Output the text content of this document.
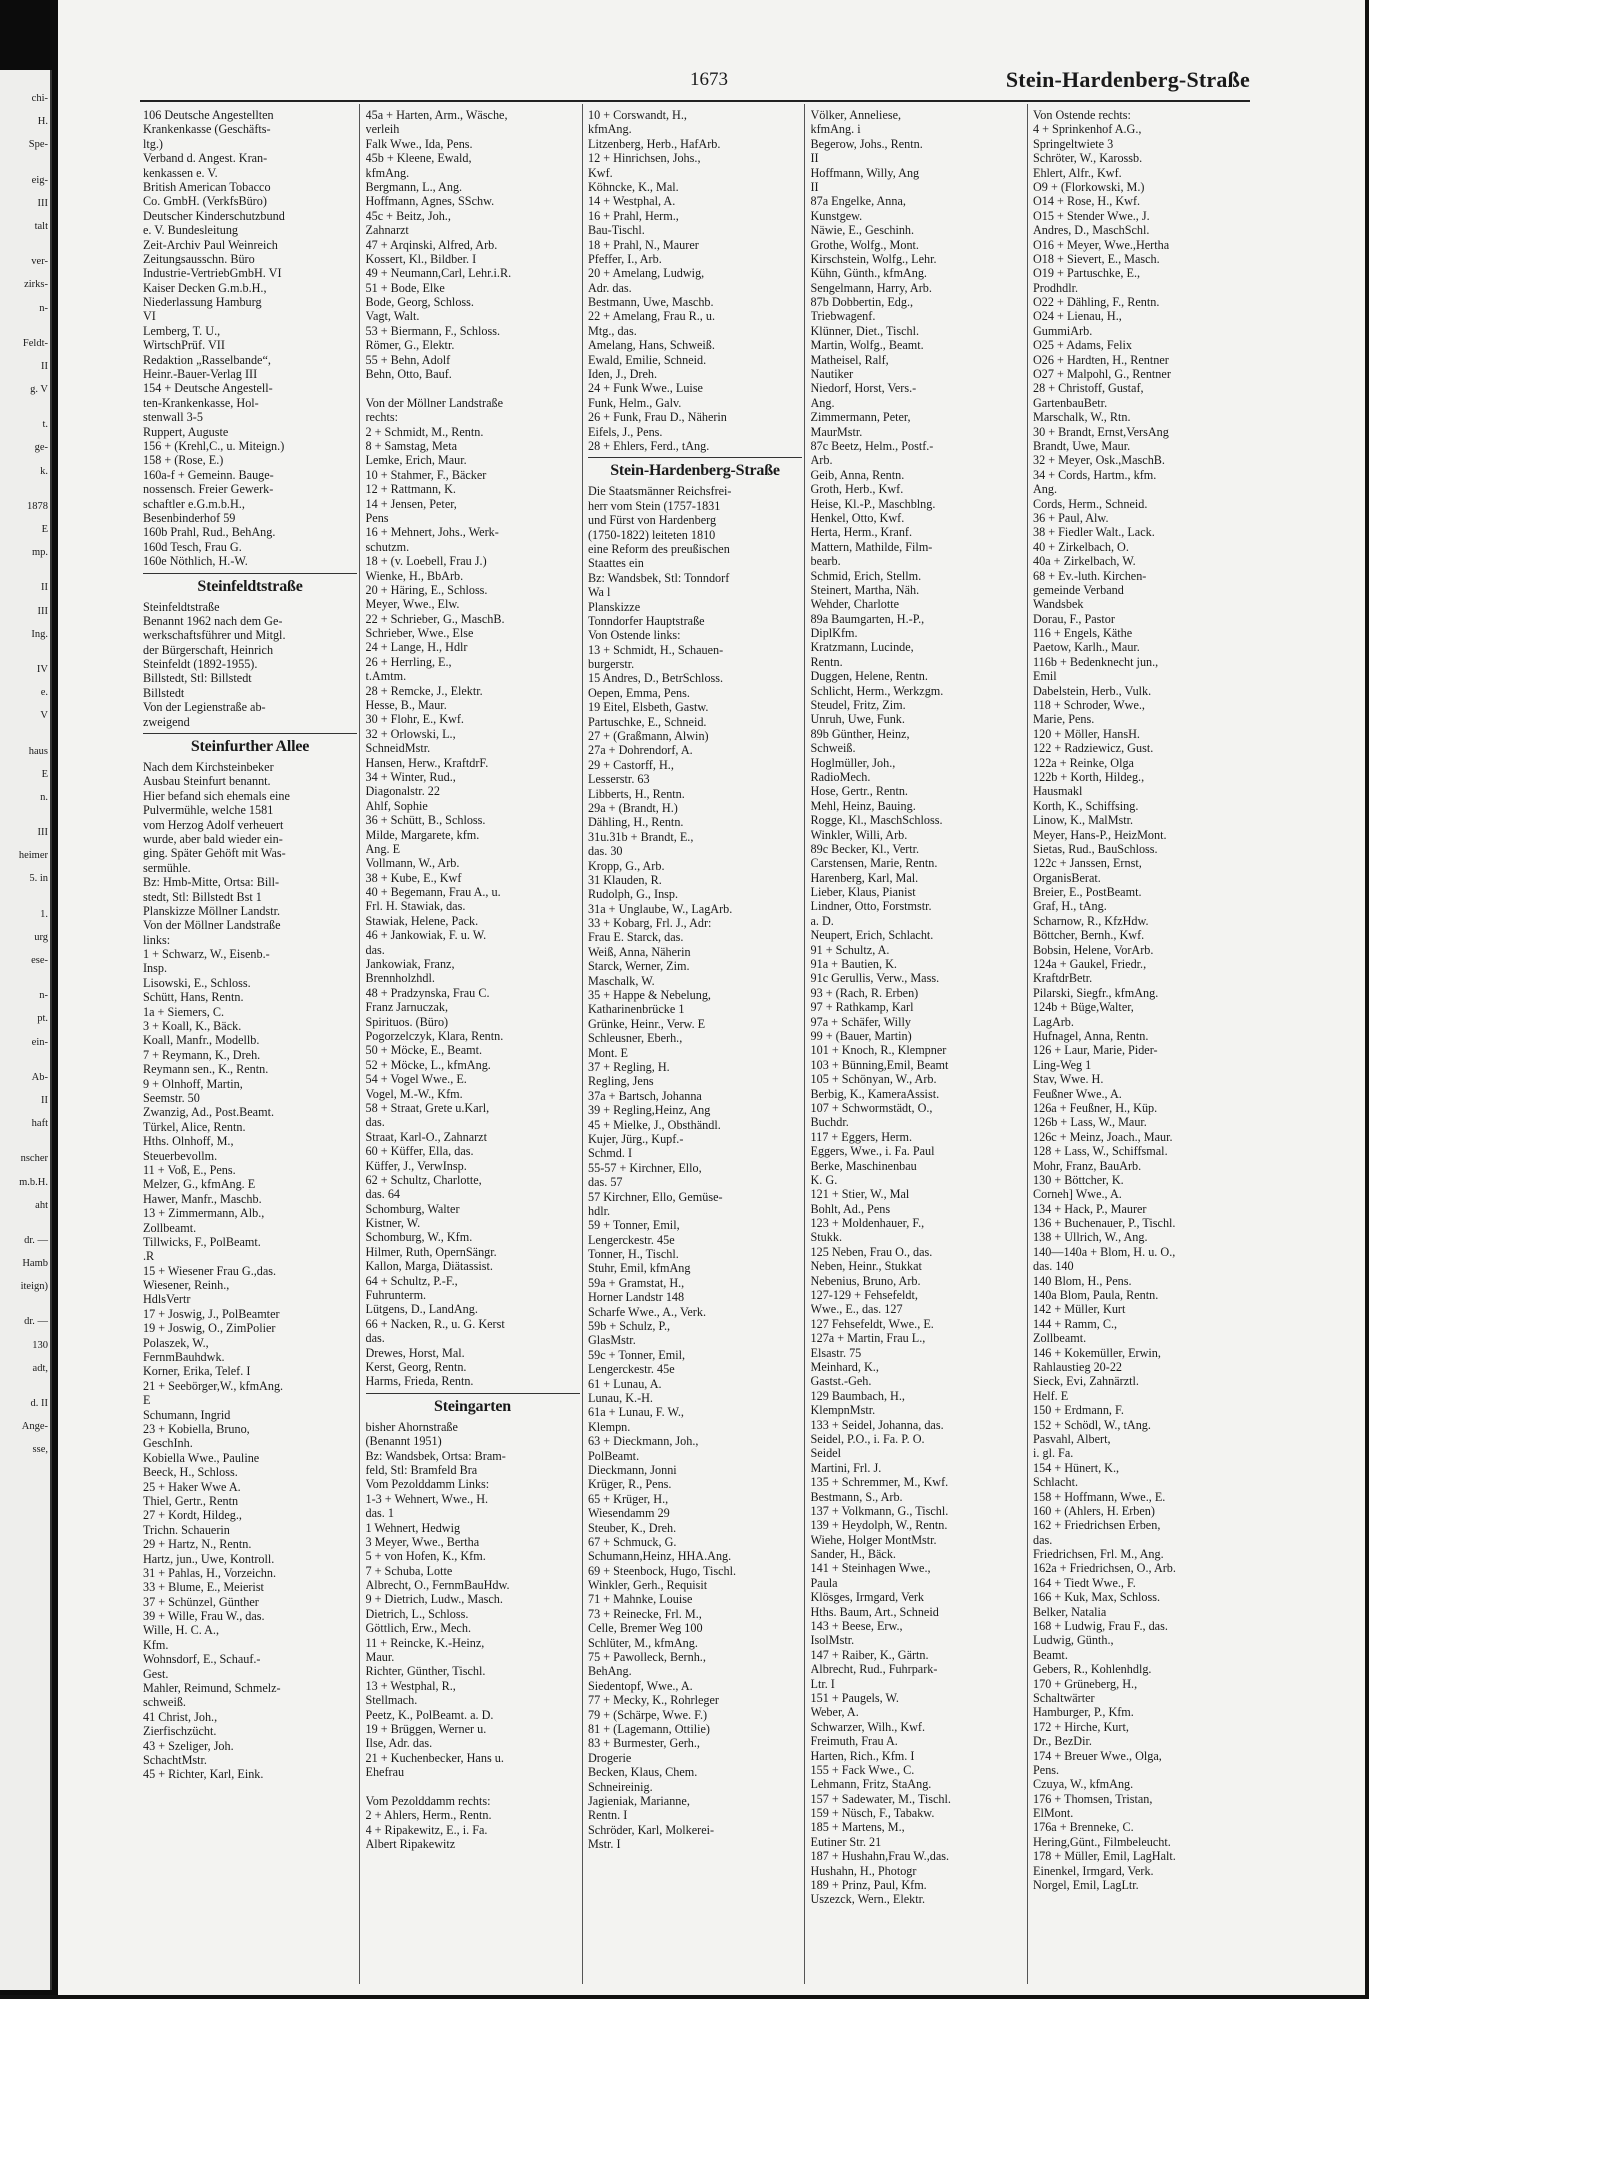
chi-
H.
Spe-
eig-
III
talt
ver-
zirks-
n-
Feldt-
II
g. V
t.
ge-
k.
1878
E
mp.
II
III
Ing.
IV
e.
V
haus
E
n.
III
heimer
5. in
1.
urg
ese-
n-
pt.
ein-
Ab-
II
haft
nscher
m.b.H.
aht
dr. —
Hamb
iteign)
dr. —
130
adt,
d. II
Ange-
sse,
1673	Stein-Hardenberg-Straße
106 Deutsche Angestellten
Krankenkasse (Geschäfts-
ltg.)
Verband d. Angest. Kran-
kenkassen e. V.
British American Tobacco
Co. GmbH. (VerkfsBüro)
Deutscher Kinderschutzbund
e. V. Bundesleitung
Zeit-Archiv Paul Weinreich
Zeitungsausschn. Büro
Industrie-VertriebGmbH. VI
Kaiser Decken G.m.b.H.,
Niederlassung Hamburg
VI
Lemberg, T. U.,
WirtschPrüf. VII
Redaktion „Rasselbande“,
Heinr.-Bauer-Verlag III
154 + Deutsche Angestell-
ten-Krankenkasse, Hol-
stenwall 3-5
Ruppert, Auguste
156 + (Krehl,C., u. Miteign.)
158 + (Rose, E.)
160a-f + Gemeinn. Bauge-
nossensch. Freier Gewerk-
schaftler e.G.m.b.H.,
Besenbinderhof 59
160b Prahl, Rud., BehAng.
160d Tesch, Frau G.
160e Nöthlich, H.-W.
Steinfeldtstraße
Steinfeldtstraße
Benannt 1962 nach dem Ge-
werkschaftsführer und Mitgl.
der Bürgerschaft, Heinrich
Steinfeldt (1892-1955).
Billstedt, Stl: Billstedt
Billstedt
Von der Legienstraße ab-
zweigend
Steinfurther Allee
Nach dem Kirchsteinbeker
Ausbau Steinfurt benannt.
Hier befand sich ehemals eine
Pulvermühle, welche 1581
vom Herzog Adolf verheuert
wurde, aber bald wieder ein-
ging. Später Gehöft mit Was-
sermühle.
Bz: Hmb-Mitte, Ortsa: Bill-
stedt, Stl: Billstedt Bst 1
Planskizze Möllner Landstr.
Von der Möllner Landstraße
links:
1 + Schwarz, W., Eisenb.-
Insp.
Lisowski, E., Schloss.
Schütt, Hans, Rentn.
1a + Siemers, C.
3 + Koall, K., Bäck.
Koall, Manfr., Modellb.
7 + Reymann, K., Dreh.
Reymann sen., K., Rentn.
9 + Olnhoff, Martin,
Seemstr. 50
Zwanzig, Ad., Post.Beamt.
Türkel, Alice, Rentn.
Hths. Olnhoff, M.,
Steuerbevollm.
11 + Voß, E., Pens.
Melzer, G., kfmAng. E
Hawer, Manfr., Maschb.
13 + Zimmermann, Alb.,
Zollbeamt.
Tillwicks, F., PolBeamt.
.R
15 + Wiesener Frau G.,das.
Wiesener, Reinh.,
HdlsVertr
17 + Joswig, J., PolBeamter
19 + Joswig, O., ZimPolier
Polaszek, W.,
FernmBauhdwk.
Korner, Erika, Telef. I
21 + Seebörger,W., kfmAng.
E
Schumann, Ingrid
23 + Kobiella, Bruno,
GeschInh.
Kobiella Wwe., Pauline
Beeck, H., Schloss.
25 + Haker Wwe A.
Thiel, Gertr., Rentn
27 + Kordt, Hildeg.,
Trichn. Schauerin
29 + Hartz, N., Rentn.
Hartz, jun., Uwe, Kontroll.
31 + Pahlas, H., Vorzeichn.
33 + Blume, E., Meierist
37 + Schünzel, Günther
39 + Wille, Frau W., das.
Wille, H. C. A.,
Kfm.
Wohnsdorf, E., Schauf.-
Gest.
Mahler, Reimund, Schmelz-
schweiß.
41 Christ, Joh.,
Zierfischzücht.
43 + Szeliger, Joh.
SchachtMstr.
45 + Richter, Karl, Eink.
45a + Harten, Arm., Wäsche,
verleih
Falk Wwe., Ida, Pens.
45b + Kleene, Ewald,
kfmAng.
Bergmann, L., Ang.
Hoffmann, Agnes, SSchw.
45c + Beitz, Joh.,
Zahnarzt
47 + Arqinski, Alfred, Arb.
Kossert, Kl., Bildber. I
49 + Neumann,Carl, Lehr.i.R.
51 + Bode, Elke
Bode, Georg, Schloss.
Vagt, Walt.
53 + Biermann, F., Schloss.
Römer, G., Elektr.
55 + Behn, Adolf
Behn, Otto, Bauf.
Von der Möllner Landstraße
rechts:
2 + Schmidt, M., Rentn.
8 + Samstag, Meta
Lemke, Erich, Maur.
10 + Stahmer, F., Bäcker
12 + Rattmann, K.
14 + Jensen, Peter,
Pens
16 + Mehnert, Johs., Werk-
schutzm.
18 + (v. Loebell, Frau J.)
Wienke, H., BbArb.
20 + Häring, E., Schloss.
Meyer, Wwe., Elw.
22 + Schrieber, G., MaschB.
Schrieber, Wwe., Else
24 + Lange, H., Hdlr
26 + Herrling, E.,
t.Amtm.
28 + Remcke, J., Elektr.
Hesse, B., Maur.
30 + Flohr, E., Kwf.
32 + Orlowski, L.,
SchneidMstr.
Hansen, Herw., KraftdrF.
34 + Winter, Rud.,
Diagonalstr. 22
Ahlf, Sophie
36 + Schütt, B., Schloss.
Milde, Margarete, kfm.
Ang. E
Vollmann, W., Arb.
38 + Kube, E., Kwf
40 + Begemann, Frau A., u.
Frl. H. Stawiak, das.
Stawiak, Helene, Pack.
46 + Jankowiak, F. u. W.
das.
Jankowiak, Franz,
Brennholzhdl.
48 + Pradzynska, Frau C.
Franz Jarnuczak,
Spirituos. (Büro)
Pogorzelczyk, Klara, Rentn.
50 + Möcke, E., Beamt.
52 + Möcke, L., kfmAng.
54 + Vogel Wwe., E.
Vogel, M.-W., Kfm.
58 + Straat, Grete u.Karl,
das.
Straat, Karl-O., Zahnarzt
60 + Küffer, Ella, das.
Küffer, J., VerwInsp.
62 + Schultz, Charlotte,
das. 64
Schomburg, Walter
Kistner, W.
Schomburg, W., Kfm.
Hilmer, Ruth, OpernSängr.
Kallon, Marga, Diätassist.
64 + Schultz, P.-F.,
Fuhrunterm.
Lütgens, D., LandAng.
66 + Nacken, R., u. G. Kerst
das.
Drewes, Horst, Mal.
Kerst, Georg, Rentn.
Harms, Frieda, Rentn.
Steingarten
bisher Ahornstraße
(Benannt 1951)
Bz: Wandsbek, Ortsa: Bram-
feld, Stl: Bramfeld Bra
Vom Pezolddamm Links:
1-3 + Wehnert, Wwe., H.
das. 1
1 Wehnert, Hedwig
3 Meyer, Wwe., Bertha
5 + von Hofen, K., Kfm.
7 + Schuba, Lotte
Albrecht, O., FernmBauHdw.
9 + Dietrich, Ludw., Masch.
Dietrich, L., Schloss.
Göttlich, Erw., Mech.
11 + Reincke, K.-Heinz,
Maur.
Richter, Günther, Tischl.
13 + Westphal, R.,
Stellmach.
Peetz, K., PolBeamt. a. D.
19 + Brüggen, Werner u.
Ilse, Adr. das.
21 + Kuchenbecker, Hans u.
Ehefrau
Vom Pezolddamm rechts:
2 + Ahlers, Herm., Rentn.
4 + Ripakewitz, E., i. Fa.
Albert Ripakewitz
10 + Corswandt, H.,
kfmAng.
Litzenberg, Herb., HafArb.
12 + Hinrichsen, Johs.,
Kwf.
Köhncke, K., Mal.
14 + Westphal, A.
16 + Prahl, Herm.,
Bau-Tischl.
18 + Prahl, N., Maurer
Pfeffer, I., Arb.
20 + Amelang, Ludwig,
Adr. das.
Bestmann, Uwe, Maschb.
22 + Amelang, Frau R., u.
Mtg., das.
Amelang, Hans, Schweiß.
Ewald, Emilie, Schneid.
Iden, J., Dreh.
24 + Funk Wwe., Luise
Funk, Helm., Galv.
26 + Funk, Frau D., Näherin
Eifels, J., Pens.
28 + Ehlers, Ferd., tAng.
Stein-Hardenberg-Straße
Die Staatsmänner Reichsfrei-
herr vom Stein (1757-1831
und Fürst von Hardenberg
(1750-1822) leiteten 1810
eine Reform des preußischen
Staattes ein
Bz: Wandsbek, Stl: Tonndorf
Wa l
Planskizze
Tonndorfer Hauptstraße
Von Ostende links:
13 + Schmidt, H., Schauen-
burgerstr.
15 Andres, D., BetrSchloss.
Oepen, Emma, Pens.
19 Eitel, Elsbeth, Gastw.
Partuschke, E., Schneid.
27 + (Graßmann, Alwin)
27a + Dohrendorf, A.
29 + Castorff, H.,
Lesserstr. 63
Libberts, H., Rentn.
29a + (Brandt, H.)
Dähling, H., Rentn.
31u.31b + Brandt, E.,
das. 30
Kropp, G., Arb.
31 Klauden, R.
Rudolph, G., Insp.
31a + Unglaube, W., LagArb.
33 + Kobarg, Frl. J., Adr:
Frau E. Starck, das.
Weiß, Anna, Näherin
Starck, Werner, Zim.
Maschalk, W.
35 + Happe & Nebelung,
Katharinenbrücke 1
Grünke, Heinr., Verw. E
Schleusner, Eberh.,
Mont. E
37 + Regling, H.
Regling, Jens
37a + Bartsch, Johanna
39 + Regling,Heinz, Ang
45 + Mielke, J., Obsthändl.
Kujer, Jürg., Kupf.-
Schmd. I
55-57 + Kirchner, Ello,
das. 57
57 Kirchner, Ello, Gemüse-
hdlr.
59 + Tonner, Emil,
Lengerckestr. 45e
Tonner, H., Tischl.
Stuhr, Emil, kfmAng
59a + Gramstat, H.,
Horner Landstr 148
Scharfe Wwe., A., Verk.
59b + Schulz, P.,
GlasMstr.
59c + Tonner, Emil,
Lengerckestr. 45e
61 + Lunau, A.
Lunau, K.-H.
61a + Lunau, F. W.,
Klempn.
63 + Dieckmann, Joh.,
PolBeamt.
Dieckmann, Jonni
Krüger, R., Pens.
65 + Krüger, H.,
Wiesendamm 29
Steuber, K., Dreh.
67 + Schmuck, G.
Schumann,Heinz, HHA.Ang.
69 + Steenbock, Hugo, Tischl.
Winkler, Gerh., Requisit
71 + Mahnke, Louise
73 + Reinecke, Frl. M.,
Celle, Bremer Weg 100
Schlüter, M., kfmAng.
75 + Pawolleck, Bernh.,
BehAng.
Siedentopf, Wwe., A.
77 + Mecky, K., Rohrleger
79 + (Schärpe, Wwe. F.)
81 + (Lagemann, Ottilie)
83 + Burmester, Gerh.,
Drogerie
Becken, Klaus, Chem.
Schneireinig.
Jagieniak, Marianne,
Rentn. I
Schröder, Karl, Molkerei-
Mstr. I
Völker, Anneliese,
kfmAng. i
Begerow, Johs., Rentn.
II
Hoffmann, Willy, Ang
II
87a Engelke, Anna,
Kunstgew.
Näwie, E., Geschinh.
Grothe, Wolfg., Mont.
Kirschstein, Wolfg., Lehr.
Kühn, Günth., kfmAng.
Sengelmann, Harry, Arb.
87b Dobbertin, Edg.,
Triebwagenf.
Klünner, Diet., Tischl.
Martin, Wolfg., Beamt.
Matheisel, Ralf,
Nautiker
Niedorf, Horst, Vers.-
Ang.
Zimmermann, Peter,
MaurMstr.
87c Beetz, Helm., Postf.-
Arb.
Geib, Anna, Rentn.
Groth, Herb., Kwf.
Heise, Kl.-P., Maschblng.
Henkel, Otto, Kwf.
Herta, Herm., Kranf.
Mattern, Mathilde, Film-
bearb.
Schmid, Erich, Stellm.
Steinert, Martha, Näh.
Wehder, Charlotte
89a Baumgarten, H.-P.,
DiplKfm.
Kratzmann, Lucinde,
Rentn.
Duggen, Helene, Rentn.
Schlicht, Herm., Werkzgm.
Steudel, Fritz, Zim.
Unruh, Uwe, Funk.
89b Günther, Heinz,
Schweiß.
Hoglmüller, Joh.,
RadioMech.
Hose, Gertr., Rentn.
Mehl, Heinz, Bauing.
Rogge, Kl., MaschSchloss.
Winkler, Willi, Arb.
89c Becker, Kl., Vertr.
Carstensen, Marie, Rentn.
Harenberg, Karl, Mal.
Lieber, Klaus, Pianist
Lindner, Otto, Forstmstr.
a. D.
Neupert, Erich, Schlacht.
91 + Schultz, A.
91a + Bautien, K.
91c Gerullis, Verw., Mass.
93 + (Rach, R. Erben)
97 + Rathkamp, Karl
97a + Schäfer, Willy
99 + (Bauer, Martin)
101 + Knoch, R., Klempner
103 + Bünning,Emil, Beamt
105 + Schönyan, W., Arb.
Berbig, K., KameraAssist.
107 + Schwormstädt, O.,
Buchdr.
117 + Eggers, Herm.
Eggers, Wwe., i. Fa. Paul
Berke, Maschinenbau
K. G.
121 + Stier, W., Mal
Bohlt, Ad., Pens
123 + Moldenhauer, F.,
Stukk.
125 Neben, Frau O., das.
Neben, Heinr., Stukkat
Nebenius, Bruno, Arb.
127-129 + Fehsefeldt,
Wwe., E., das. 127
127 Fehsefeldt, Wwe., E.
127a + Martin, Frau L.,
Elsastr. 75
Meinhard, K.,
Gastst.-Geh.
129 Baumbach, H.,
KlempnMstr.
133 + Seidel, Johanna, das.
Seidel, P.O., i. Fa. P. O.
Seidel
Martini, Frl. J.
135 + Schremmer, M., Kwf.
Bestmann, S., Arb.
137 + Volkmann, G., Tischl.
139 + Heydolph, W., Rentn.
Wiehe, Holger MontMstr.
Sander, H., Bäck.
141 + Steinhagen Wwe.,
Paula
Klösges, Irmgard, Verk
Hths. Baum, Art., Schneid
143 + Beese, Erw.,
IsolMstr.
147 + Raiber, K., Gärtn.
Albrecht, Rud., Fuhrpark-
Ltr. I
151 + Paugels, W.
Weber, A.
Schwarzer, Wilh., Kwf.
Freimuth, Frau A.
Harten, Rich., Kfm. I
155 + Fack Wwe., C.
Lehmann, Fritz, StaAng.
157 + Sadewater, M., Tischl.
159 + Nüsch, F., Tabakw.
185 + Martens, M.,
Eutiner Str. 21
187 + Hushahn,Frau W.,das.
Hushahn, H., Photogr
189 + Prinz, Paul, Kfm.
Uszezck, Wern., Elektr.
Von Ostende rechts:
4 + Sprinkenhof A.G.,
Springeltwiete 3
Schröter, W., Karossb.
Ehlert, Alfr., Kwf.
O9 + (Florkowski, M.)
O14 + Rose, H., Kwf.
O15 + Stender Wwe., J.
Andres, D., MaschSchl.
O16 + Meyer, Wwe.,Hertha
O18 + Sievert, E., Masch.
O19 + Partuschke, E.,
Prodhdlr.
O22 + Dähling, F., Rentn.
O24 + Lienau, H.,
GummiArb.
O25 + Adams, Felix
O26 + Hardten, H., Rentner
O27 + Malpohl, G., Rentner
28 + Christoff, Gustaf,
GartenbauBetr.
Marschalk, W., Rtn.
30 + Brandt, Ernst,VersAng
Brandt, Uwe, Maur.
32 + Meyer, Osk.,MaschB.
34 + Cords, Hartm., kfm.
Ang.
Cords, Herm., Schneid.
36 + Paul, Alw.
38 + Fiedler Walt., Lack.
40 + Zirkelbach, O.
40a + Zirkelbach, W.
68 + Ev.-luth. Kirchen-
gemeinde Verband
Wandsbek
Dorau, F., Pastor
116 + Engels, Käthe
Paetow, Karlh., Maur.
116b + Bedenknecht jun.,
Emil
Dabelstein, Herb., Vulk.
118 + Schroder, Wwe.,
Marie, Pens.
120 + Möller, HansH.
122 + Radziewicz, Gust.
122a + Reinke, Olga
122b + Korth, Hildeg.,
Hausmakl
Korth, K., Schiffsing.
Linow, K., MalMstr.
Meyer, Hans-P., HeizMont.
Sietas, Rud., BauSchloss.
122c + Janssen, Ernst,
OrganisBerat.
Breier, E., PostBeamt.
Graf, H., tAng.
Scharnow, R., KfzHdw.
Böttcher, Bernh., Kwf.
Bobsin, Helene, VorArb.
124a + Gaukel, Friedr.,
KraftdrBetr.
Pilarski, Siegfr., kfmAng.
124b + Büge,Walter,
LagArb.
Hufnagel, Anna, Rentn.
126 + Laur, Marie, Pider-
Ling-Weg 1
Stav, Wwe. H.
Feußner Wwe., A.
126a + Feußner, H., Küp.
126b + Lass, W., Maur.
126c + Meinz, Joach., Maur.
128 + Lass, W., Schiffsmal.
Mohr, Franz, BauArb.
130 + Böttcher, K.
Corneh] Wwe., A.
134 + Hack, P., Maurer
136 + Buchenauer, P., Tischl.
138 + Ullrich, W., Ang.
140—140a + Blom, H. u. O.,
das. 140
140 Blom, H., Pens.
140a Blom, Paula, Rentn.
142 + Müller, Kurt
144 + Ramm, C.,
Zollbeamt.
146 + Kokemüller, Erwin,
Rahlaustieg 20-22
Sieck, Evi, Zahnärztl.
Helf. E
150 + Erdmann, F.
152 + Schödl, W., tAng.
Pasvahl, Albert,
i. gl. Fa.
154 + Hünert, K.,
Schlacht.
158 + Hoffmann, Wwe., E.
160 + (Ahlers, H. Erben)
162 + Friedrichsen Erben,
das.
Friedrichsen, Frl. M., Ang.
162a + Friedrichsen, O., Arb.
164 + Tiedt Wwe., F.
166 + Kuk, Max, Schloss.
Belker, Natalia
168 + Ludwig, Frau F., das.
Ludwig, Günth.,
Beamt.
Gebers, R., Kohlenhdlg.
170 + Grüneberg, H.,
Schaltwärter
Hamburger, P., Kfm.
172 + Hirche, Kurt,
Dr., BezDir.
174 + Breuer Wwe., Olga,
Pens.
Czuya, W., kfmAng.
176 + Thomsen, Tristan,
ElMont.
176a + Brenneke, C.
Hering,Günt., Filmbeleucht.
178 + Müller, Emil, LagHalt.
Einenkel, Irmgard, Verk.
Norgel, Emil, LagLtr.
